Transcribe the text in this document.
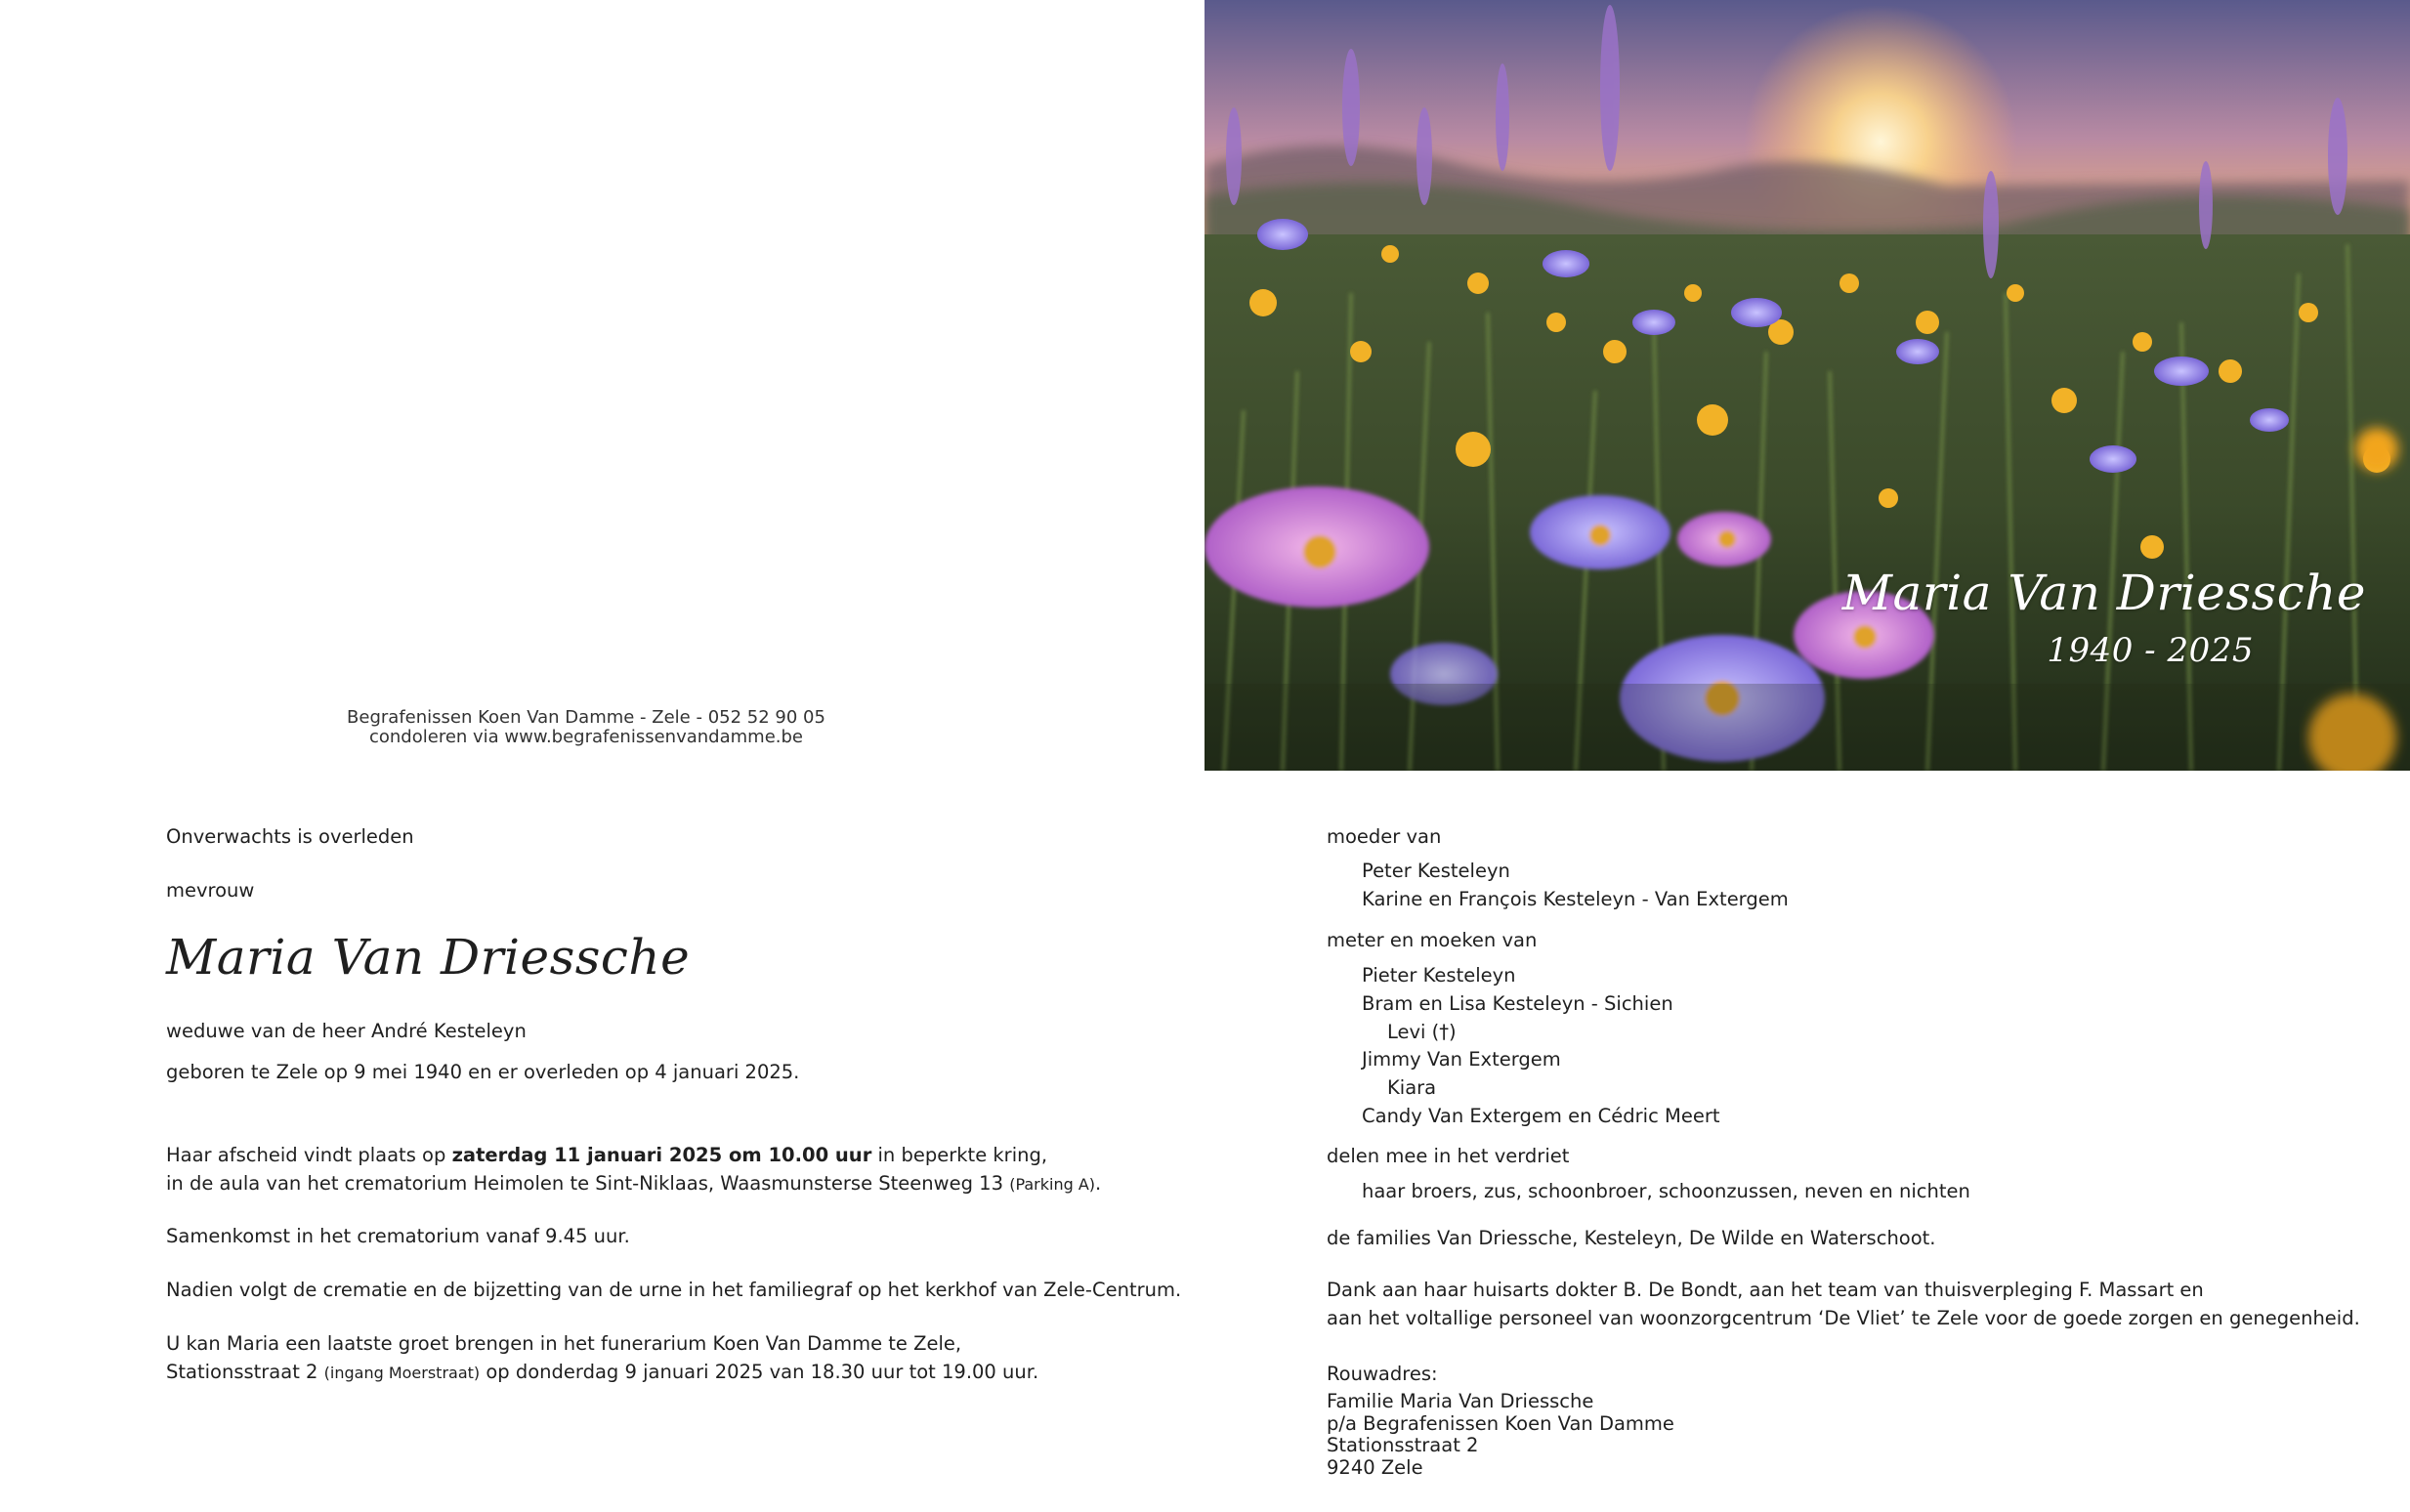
Begrafenissen Koen Van Damme - Zele - 052 52 90 05
condoleren via www.begrafenissenvandamme.be
Maria Van Driessche
1940 - 2025
Onverwachts is overleden
mevrouw
Maria Van Driessche
weduwe van de heer André Kesteleyn
geboren te Zele op 9 mei 1940 en er overleden op 4 januari 2025.
Haar afscheid vindt plaats op zaterdag 11 januari 2025 om 10.00 uur in beperkte kring,
in de aula van het crematorium Heimolen te Sint-Niklaas, Waasmunsterse Steenweg 13 (Parking A).
Samenkomst in het crematorium vanaf 9.45 uur.
Nadien volgt de crematie en de bijzetting van de urne in het familiegraf op het kerkhof van Zele-Centrum.
U kan Maria een laatste groet brengen in het funerarium Koen Van Damme te Zele,
Stationsstraat 2 (ingang Moerstraat) op donderdag 9 januari 2025 van 18.30 uur tot 19.00 uur.
moeder van
Peter Kesteleyn
Karine en François Kesteleyn - Van Extergem
meter en moeken van
Pieter Kesteleyn
Bram en Lisa Kesteleyn - Sichien
Levi (†)
Jimmy Van Extergem
Kiara
Candy Van Extergem en Cédric Meert
delen mee in het verdriet
haar broers, zus, schoonbroer, schoonzussen, neven en nichten
de families Van Driessche, Kesteleyn, De Wilde en Waterschoot.
Dank aan haar huisarts dokter B. De Bondt, aan het team van thuisverpleging F. Massart en
aan het voltallige personeel van woonzorgcentrum ‘De Vliet’ te Zele voor de goede zorgen en genegenheid.
Rouwadres:
Familie Maria Van Driessche
p/a Begrafenissen Koen Van Damme
Stationsstraat 2
9240 Zele
